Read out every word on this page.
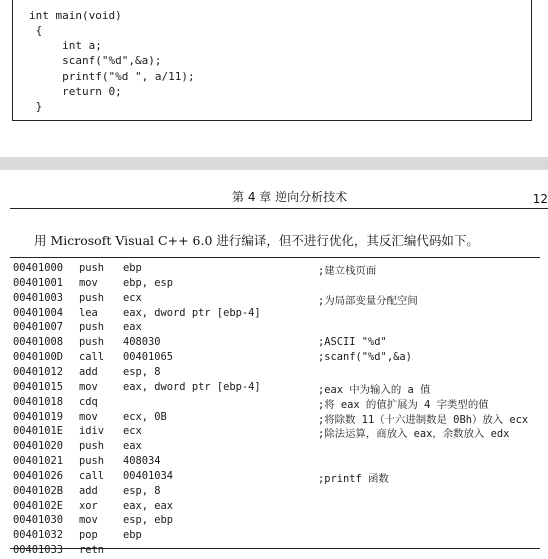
int main(void)
{
int a;
scanf("%d",&a);
printf("%d ", a/11);
return 0;
}
第 4 章 逆向分析技术	12
用 Microsoft Visual C++ 6.0 进行编译，但不进行优化，其反汇编代码如下。
00401000 push ebp	;建立栈页面
00401001 mov ebp, esp
00401003 push ecx	;为局部变量分配空间
00401004 lea eax, dword ptr [ebp-4]
00401007 push eax
00401008 push 408030	;ASCII "%d"
0040100D call 00401065	;scanf("%d",&a)
00401012 add esp, 8
00401015 mov eax, dword ptr [ebp-4]	;eax 中为输入的 a 值
00401018 cdq	;将 eax 的值扩展为 4 字类型的值
00401019 mov ecx, 0B	;将除数 11（十六进制数是 0Bh）放入 ecx
0040101E idiv ecx	;除法运算，商放入 eax，余数放入 edx
00401020 push eax
00401021 push 408034
00401026 call 00401034	;printf 函数
0040102B add esp, 8
0040102E xor eax, eax
00401030 mov esp, ebp
00401032 pop ebp
00401033 retn
